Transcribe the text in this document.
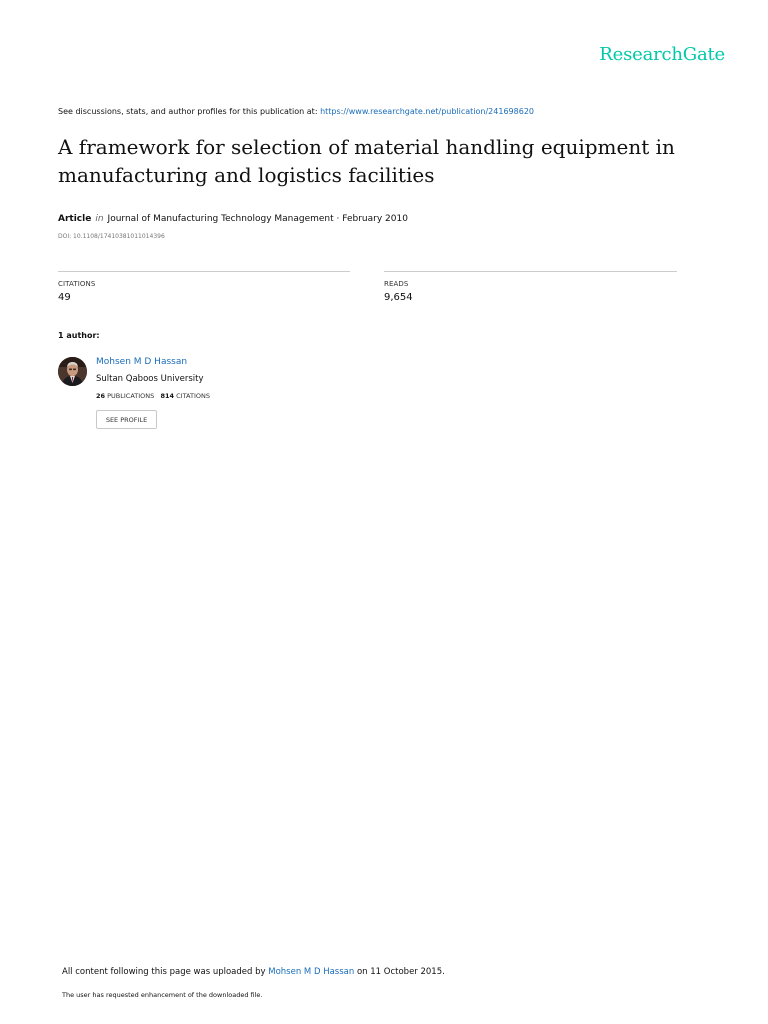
ResearchGate
See discussions, stats, and author profiles for this publication at: https://www.researchgate.net/publication/241698620
A framework for selection of material handling equipment in manufacturing and logistics facilities
Article in Journal of Manufacturing Technology Management · February 2010
DOI: 10.1108/17410381011014396
CITATIONS
49
READS
9,654
1 author:
Mohsen M D Hassan
Sultan Qaboos University
26 PUBLICATIONS 814 CITATIONS
SEE PROFILE
All content following this page was uploaded by Mohsen M D Hassan on 11 October 2015.
The user has requested enhancement of the downloaded file.
